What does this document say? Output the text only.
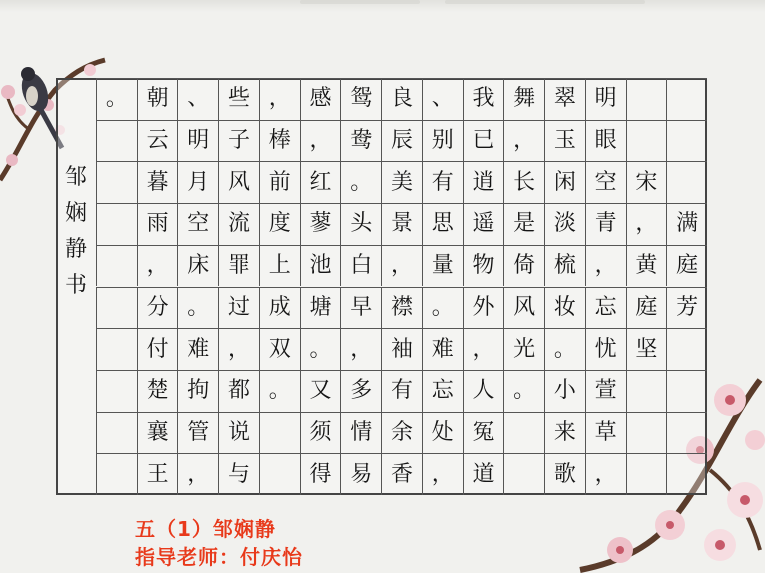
邹
娴
静
书
。 朝
云
暮
雨
，
分
付
楚
襄
王
、
明
月
空
床
。
难
拘
管
，
些
子
风
流
罪
过
，
都
说
与
，
棒
前
度
上
成
双
。
感
，
红
蓼
池
塘
。
又
须
得
鸳
鸯
。
头
白
早
，
多
情
易
良
辰
美
景
，
襟
袖
有
余
香
、
别
有
思
量
。
难
忘
处
，
我
已
逍
遥
物
外
，
人
冤
道
舞
，
长
是
倚
风
光
。
翠
玉
闲
淡
梳
妆
。
小
来
歌
明
眼
空
青
，
忘
忧
萱
草
，
宋
，
黄
庭
坚
满
庭
芳
五（1）邹娴静
指导老师：付庆怡
